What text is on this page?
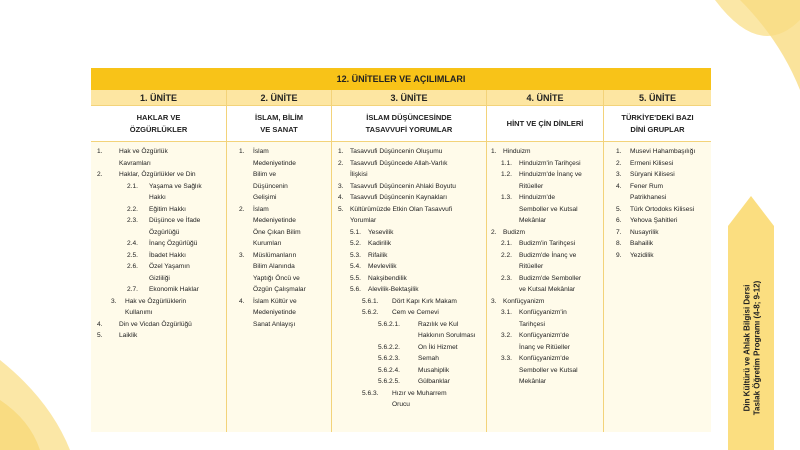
Din Kültürü ve Ahlak Bilgisi Dersi Taslak Öğretim Programı (4-8; 9-12)
12. ÜNİTELER VE AÇILIMLARI
1. ÜNİTE
HAKLAR VE
ÖZGÜRLÜKLER
1.	Hak ve Özgürlük
Kavramları
2.	Haklar, Özgürlükler ve Din
2.1.	Yaşama ve Sağlık
Hakkı
2.2.	Eğitim Hakkı
2.3.	Düşünce ve İfade
Özgürlüğü
2.4.	İnanç Özgürlüğü
2.5.	İbadet Hakkı
2.6.	Özel Yaşamın
Gizliliği
2.7.	Ekonomik Haklar
3.	Hak ve Özgürlüklerin
Kullanımı
4.	Din ve Vicdan Özgürlüğü
5.	Laiklik
2. ÜNİTE
İSLAM, BİLİM
VE SANAT
1.	İslam
Medeniyetinde
Bilim ve
Düşüncenin
Gelişimi
2.	İslam
Medeniyetinde
Öne Çıkan Bilim
Kurumları
3.	Müslümanların
Bilim Alanında
Yaptığı Öncü ve
Özgün Çalışmalar
4.	İslam Kültür ve
Medeniyetinde
Sanat Anlayışı
3. ÜNİTE
İSLAM DÜŞÜNCESİNDE
TASAVVUFİ YORUMLAR
1. Tasavvufi Düşüncenin Oluşumu
2. Tasavvufi Düşüncede Allah-Varlık
İlişkisi
3. Tasavvufi Düşüncenin Ahlaki Boyutu
4. Tasavvufi Düşüncenin Kaynakları
5. Kültürümüzde Etkin Olan Tasavvufi
Yorumlar
5.1.	Yesevilik
5.2.	Kadirilik
5.3.	Rifailik
5.4.	Mevlevilik
5.5.	Nakşibendilik
5.6.	Alevilik-Bektaşilik
5.6.1.	Dört Kapı Kırk Makam
5.6.2.	Cem ve Cemevi
5.6.2.1.	Razılık ve Kul
Hakkının Sorulması
5.6.2.2.	On İki Hizmet
5.6.2.3.	Semah
5.6.2.4.	Musahiplik
5.6.2.5.	Gülbanklar
5.6.3.	Hızır ve Muharrem
Orucu
4. ÜNİTE
HİNT VE ÇİN DİNLERİ
1. Hinduizm
1.1.	Hinduizm'in Tarihçesi
1.2.	Hinduizm'de İnanç ve
Ritüeller
1.3.	Hinduizm'de
Semboller ve Kutsal
Mekânlar
2. Budizm
2.1.	Budizm'in Tarihçesi
2.2.	Budizm'de İnanç ve
Ritüeller
2.3.	Budizm'de Semboller
ve Kutsal Mekânlar
3. Konfüçyanizm
3.1.	Konfüçyanizm'in
Tarihçesi
3.2.	Konfüçyanizm'de
İnanç ve Ritüeller
3.3.	Konfüçyanizm'de
Semboller ve Kutsal
Mekânlar
5. ÜNİTE
TÜRKİYE'DEKİ BAZI
DİNİ GRUPLAR
1.	Musevi Hahambaşılığı
2.	Ermeni Kilisesi
3.	Süryani Kilisesi
4.	Fener Rum
Patrikhanesi
5.	Türk Ortodoks Kilisesi
6.	Yehova Şahitleri
7.	Nusayrilik
8.	Bahailik
9.	Yezidilik
